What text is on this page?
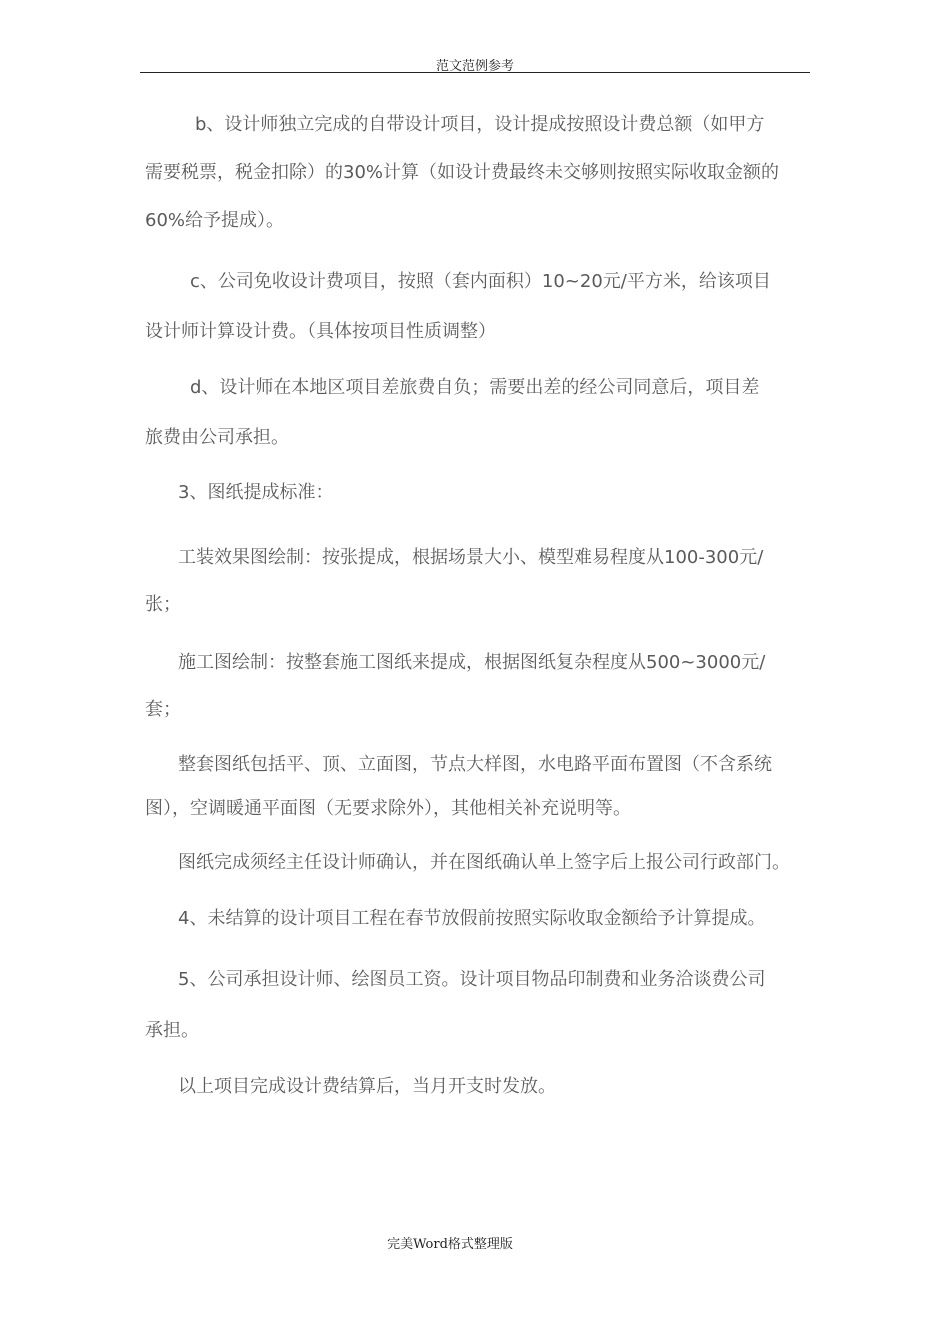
范文范例参考
b、设计师独立完成的自带设计项目，设计提成按照设计费总额（如甲方
需要税票，税金扣除）的30%计算（如设计费最终未交够则按照实际收取金额的
60%给予提成）。
c、公司免收设计费项目，按照（套内面积）10~20元/平方米，给该项目
设计师计算设计费。（具体按项目性质调整）
d、设计师在本地区项目差旅费自负；需要出差的经公司同意后，项目差
旅费由公司承担。
3、图纸提成标准：
工装效果图绘制：按张提成，根据场景大小、模型难易程度从100-300元/
张；
施工图绘制：按整套施工图纸来提成，根据图纸复杂程度从500~3000元/
套；
整套图纸包括平、顶、立面图，节点大样图，水电路平面布置图（不含系统
图），空调暖通平面图（无要求除外），其他相关补充说明等。
图纸完成须经主任设计师确认，并在图纸确认单上签字后上报公司行政部门。
4、未结算的设计项目工程在春节放假前按照实际收取金额给予计算提成。
5、公司承担设计师、绘图员工资。设计项目物品印制费和业务洽谈费公司
承担。
以上项目完成设计费结算后，当月开支时发放。
完美Word格式整理版
